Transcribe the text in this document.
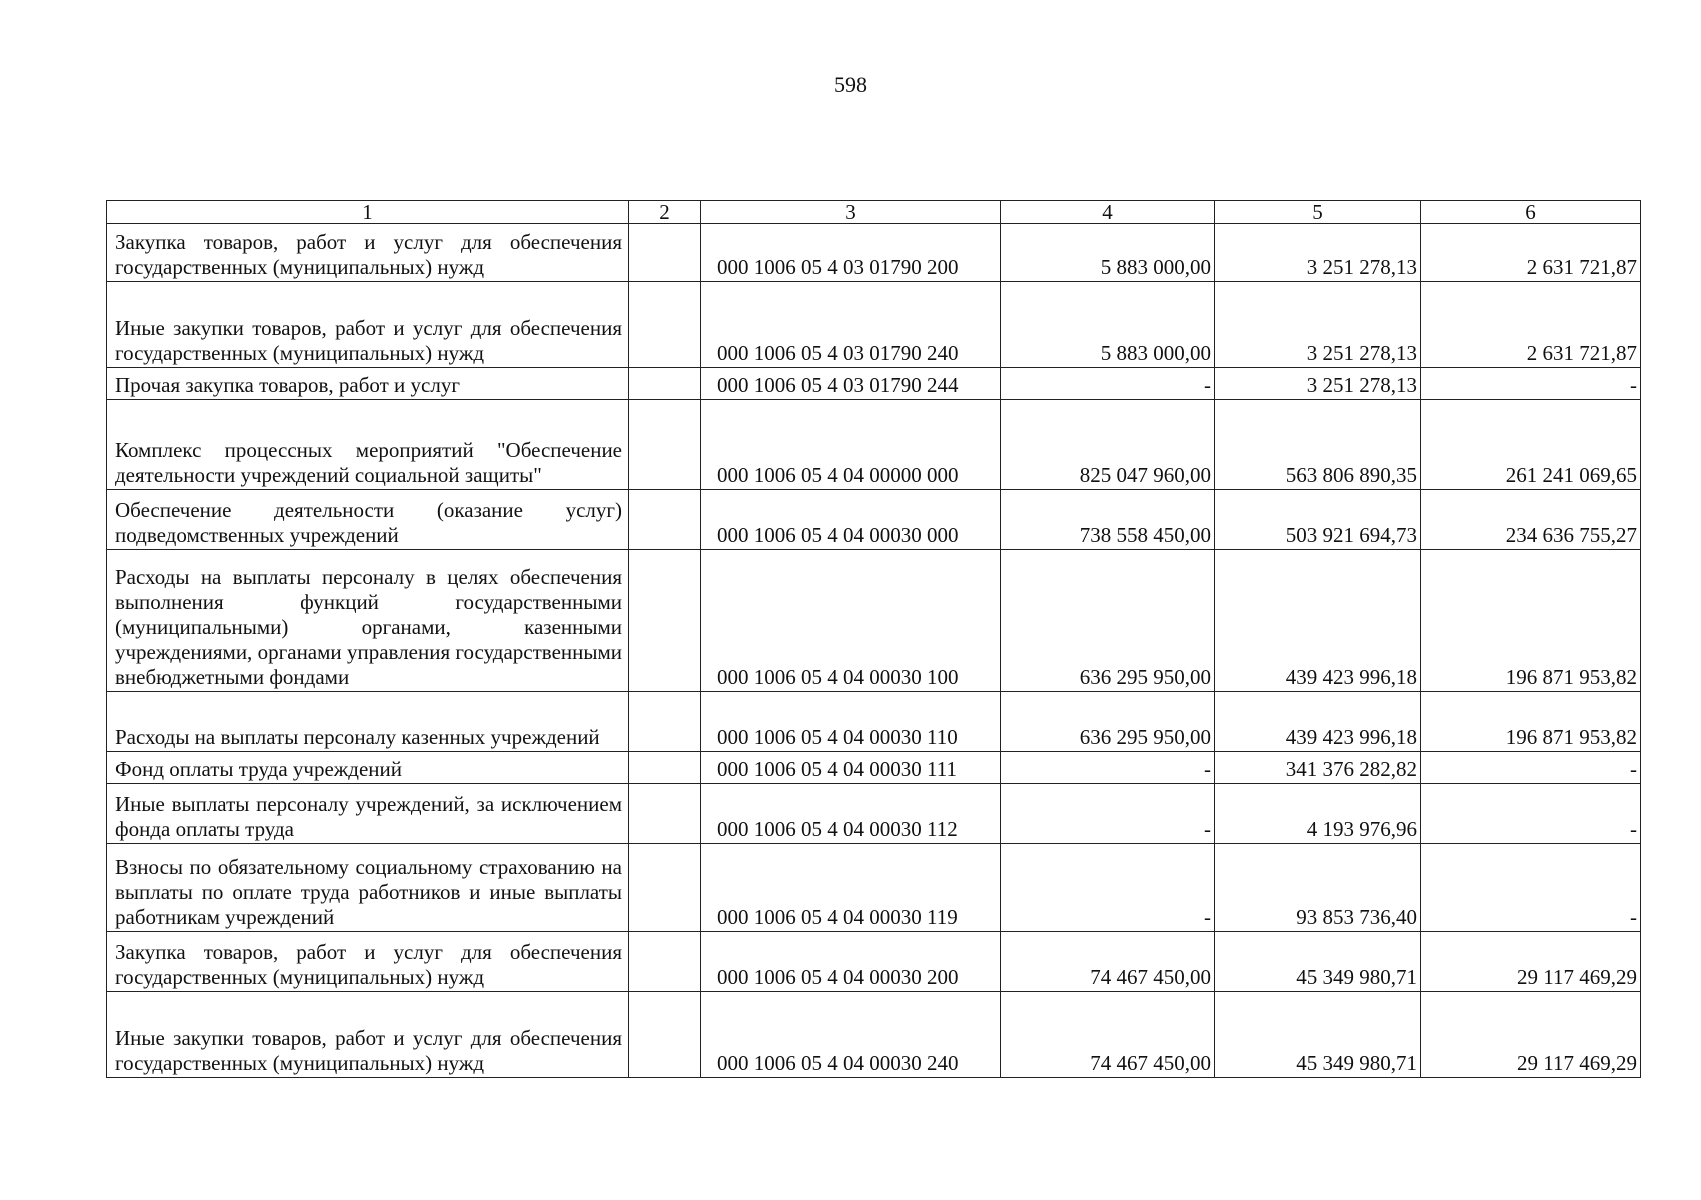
598
1	2	3	4	5	6
Закупка товаров, работ и услуг для обеспечения государственных (муниципальных) нужд		000 1006 05 4 03 01790 200	5 883 000,00	3 251 278,13	2 631 721,87
Иные закупки товаров, работ и услуг для обеспечения государственных (муниципальных) нужд		000 1006 05 4 03 01790 240	5 883 000,00	3 251 278,13	2 631 721,87
Прочая закупка товаров, работ и услуг		000 1006 05 4 03 01790 244	-	3 251 278,13	-
Комплекс процессных мероприятий "Обеспечение деятельности учреждений социальной защиты"		000 1006 05 4 04 00000 000	825 047 960,00	563 806 890,35	261 241 069,65
Обеспечение деятельности (оказание услуг) подведомственных учреждений		000 1006 05 4 04 00030 000	738 558 450,00	503 921 694,73	234 636 755,27
Расходы на выплаты персоналу в целях обеспечения выполнения функций государственными (муниципальными) органами, казенными учреждениями, органами управления государственными внебюджетными фондами		000 1006 05 4 04 00030 100	636 295 950,00	439 423 996,18	196 871 953,82
Расходы на выплаты персоналу казенных учреждений		000 1006 05 4 04 00030 110	636 295 950,00	439 423 996,18	196 871 953,82
Фонд оплаты труда учреждений		000 1006 05 4 04 00030 111	-	341 376 282,82	-
Иные выплаты персоналу учреждений, за исключением фонда оплаты труда		000 1006 05 4 04 00030 112	-	4 193 976,96	-
Взносы по обязательному социальному страхованию на выплаты по оплате труда работников и иные выплаты работникам учреждений		000 1006 05 4 04 00030 119	-	93 853 736,40	-
Закупка товаров, работ и услуг для обеспечения государственных (муниципальных) нужд		000 1006 05 4 04 00030 200	74 467 450,00	45 349 980,71	29 117 469,29
Иные закупки товаров, работ и услуг для обеспечения государственных (муниципальных) нужд		000 1006 05 4 04 00030 240	74 467 450,00	45 349 980,71	29 117 469,29
